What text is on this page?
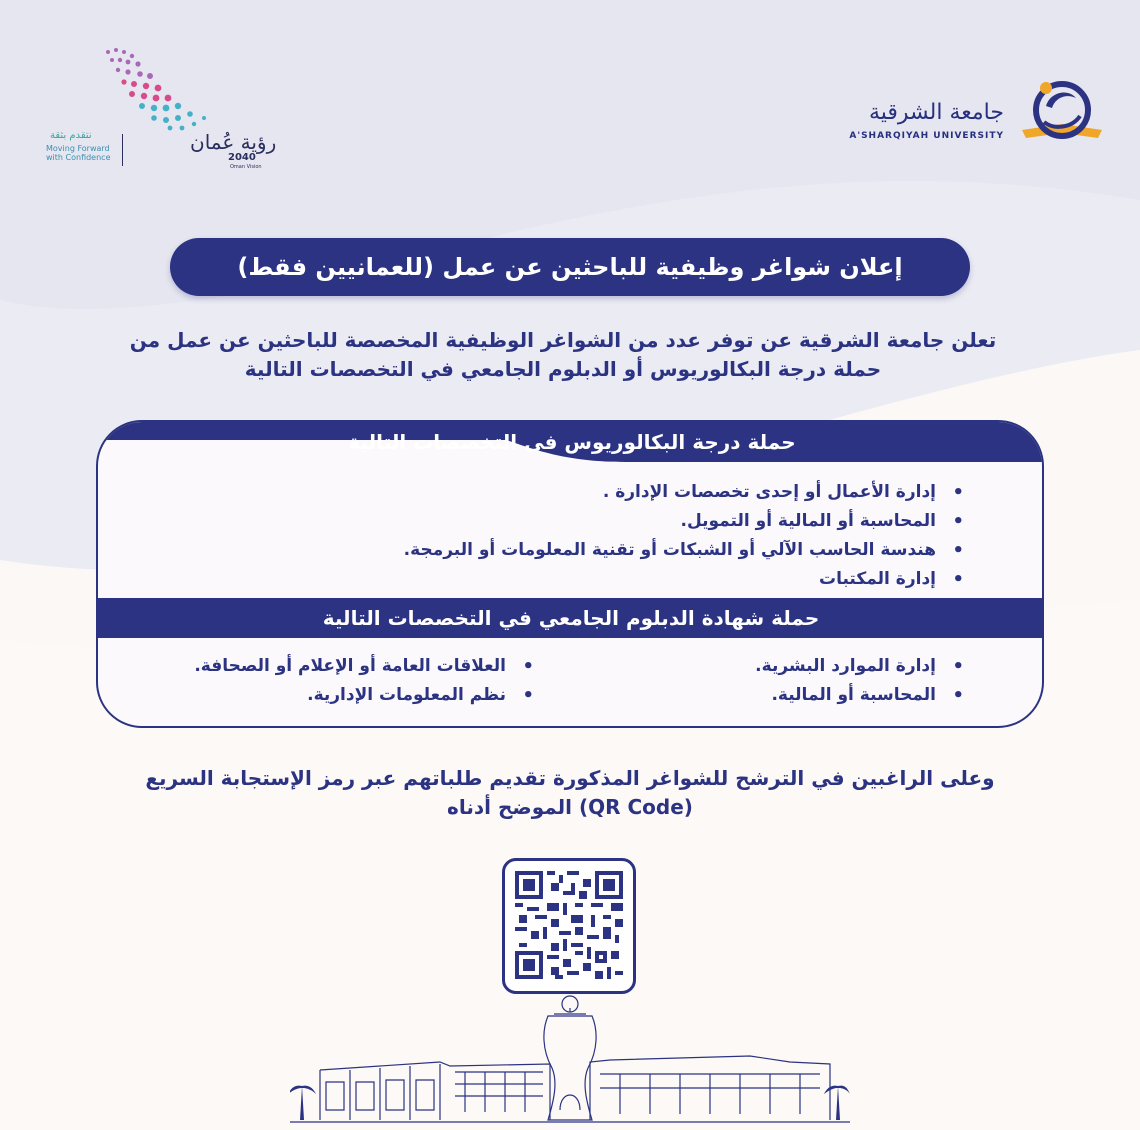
جامعة الشرقية
A'SHARQIYAH UNIVERSITY
رؤية عُمان
2040
Oman Vision
نتقدم بثقة
Moving Forward
with Confidence
إعلان شواغر وظيفية للباحثين عن عمل (للعمانيين فقط)
تعلن جامعة الشرقية عن توفر عدد من الشواغر الوظيفية المخصصة للباحثين عن عمل من
حملة درجة البكالوريوس أو الدبلوم الجامعي في التخصصات التالية
حملة درجة البكالوريوس في التخصصات التالية
• إدارة الأعمال أو إحدى تخصصات الإدارة .
• المحاسبة أو المالية أو التمويل.
• هندسة الحاسب الآلي أو الشبكات أو تقنية المعلومات أو البرمجة.
• إدارة المكتبات
حملة شهادة الدبلوم الجامعي في التخصصات التالية
• إدارة الموارد البشرية.
• المحاسبة أو المالية.
• العلاقات العامة أو الإعلام أو الصحافة.
• نظم المعلومات الإدارية.
وعلى الراغبين في الترشح للشواغر المذكورة تقديم طلباتهم عبر رمز الإستجابة السريع
(QR Code) الموضح أدناه
